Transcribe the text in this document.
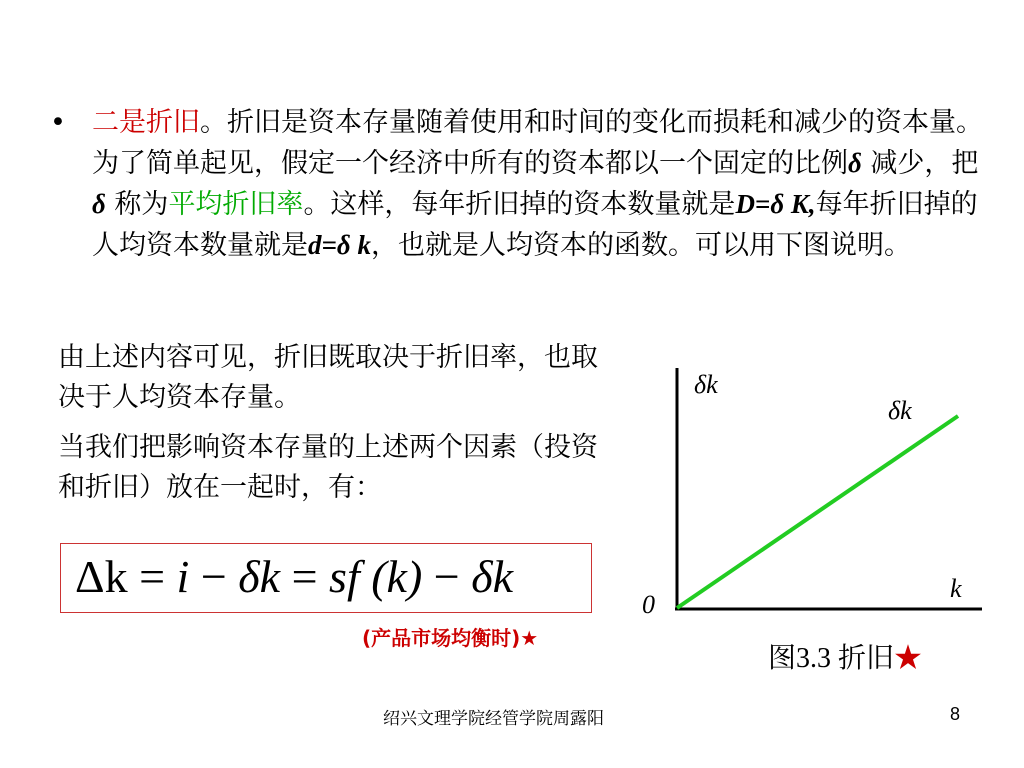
• 二是折旧。折旧是资本存量随着使用和时间的变化而损耗和减少的资本量。为了简单起见，假定一个经济中所有的资本都以一个固定的比例δ 减少，把δ 称为平均折旧率。这样，每年折旧掉的资本数量就是D=δ K,每年折旧掉的人均资本数量就是d=δ k，也就是人均资本的函数。可以用下图说明。
由上述内容可见，折旧既取决于折旧率，也取决于人均资本存量。
当我们把影响资本存量的上述两个因素（投资和折旧）放在一起时，有：
Δk = i − δk = sf (k) − δk
(产品市场均衡时)★
δk
δk
k
0
图3.3 折旧★
绍兴文理学院经管学院周露阳	8
